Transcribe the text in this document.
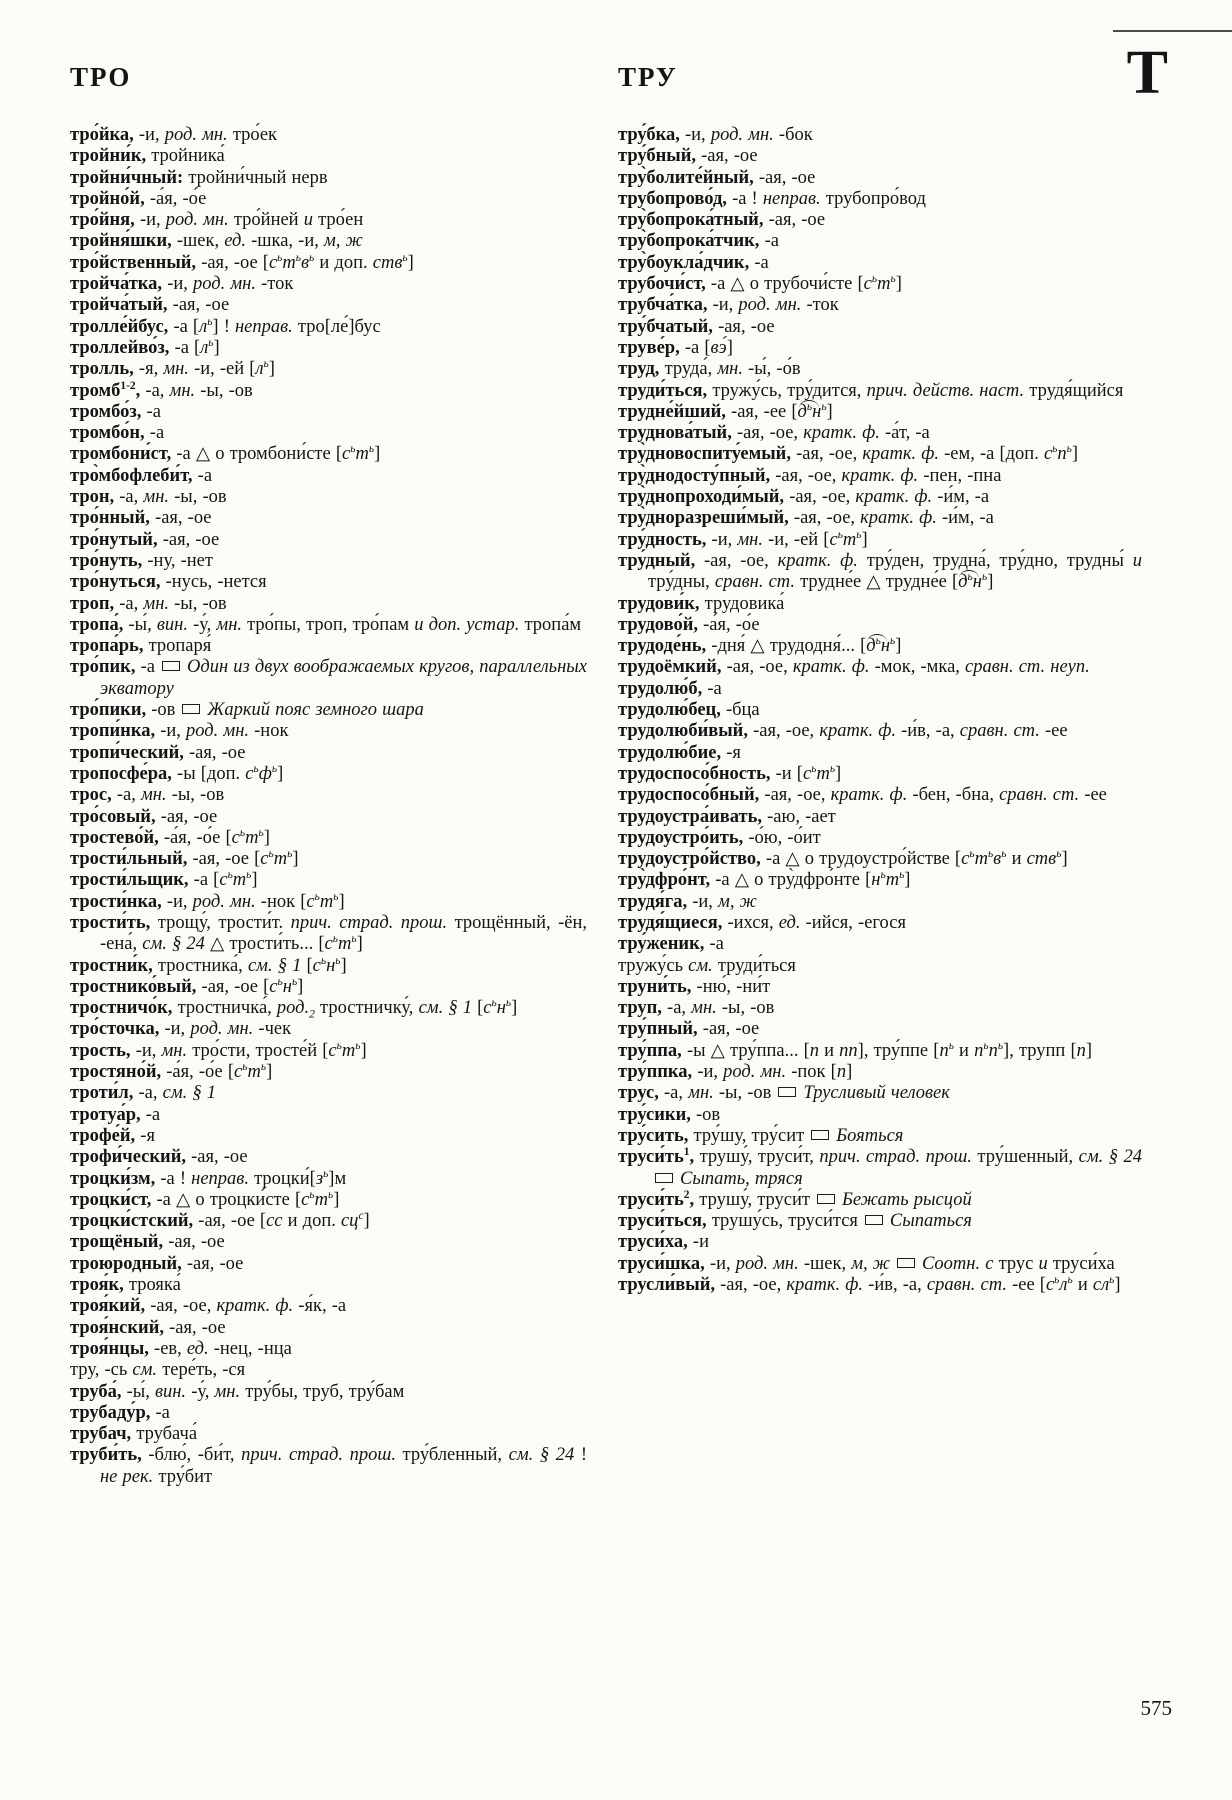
Т
ТРО
тро́йка, -и, род. мн. тро́ек
тройни́к, тройника́
тройни́чный: тройни́чный нерв
тройно́й, -а́я, -о́е
тро́йня, -и, род. мн. тро́йней и тро́ен
тройня́шки, -шек, ед. -шка, -и, м, ж
тро́йственный, -ая, -ое [$с^ьт^ьв^ь$ и доп. ств$^ь$]
тройча́тка, -и, род. мн. -ток
тройча́тый, -ая, -ое
тролле́йбус, -а $[л^ь]$ ! неправ. тро[ле́]бус
троллейво́з, -а $[л^ь]$
тролль, -я, мн. -и, -ей $[л^ь]$
тромб$^{1-2}$, -а, мн. -ы, -ов
тромбо́з, -а
тромбо́н, -а
тромбони́ст, -а △ о тромбони́сте $[с^ьт^ь]$
тро̀мбофлеби́т, -а
трон, -а, мн. -ы, -ов
тро́нный, -ая, -ое
тро́нутый, -ая, -ое
тро́нуть, -ну, -нет
тро́нуться, -нусь, -нется
троп, -а, мн. -ы, -ов
тропа́, -ы́, вин. -у́, мн. тро́пы, троп, тро́пам и доп. устар. тропа́м
тропа́рь, тропаря́
тро́пик, -а Один из двух воображаемых кругов, параллельных экватору
тро́пики, -ов Жаркий пояс земного шара
тропи́нка, -и, род. мн. -нок
тропи́ческий, -ая, -ое
тропосфе́ра, -ы [доп. $с^ьф^ь$]
трос, -а, мн. -ы, -ов
тро́совый, -ая, -ое
тростево́й, -а́я, -о́е $[с^ьт^ь]$
трости́льный, -ая, -ое $[с^ьт^ь]$
трости́льщик, -а $[с^ьт^ь]$
трости́нка, -и, род. мн. -нок $[с^ьт^ь]$
трости́ть, трощу́, трости́т. прич. страд. прош. трощённый, -ён, -ена́, см. § 24 △ трости́ть... $[с^ьт^ь]$
тростни́к, тростника́, см. § 1 $[с^ьн^ь]$
тростнико́вый, -ая, -ое $[с^ьн^ь]$
тростничо́к, тростничка́, $род._2$ тростничку́, см. § 1 $[с^ьн^ь]$
тро́сточка, -и, род. мн. -чек
трость, -и, мн. тро́сти, тросте́й $[с^ьт^ь]$
тростяно́й, -а́я, -о́е $[с^ьт^ь]$
троти́л, -а, см. § 1
тротуа́р, -а
трофе́й, -я
трофи́ческий, -ая, -ое
троцки́зм, -а ! неправ. $троцки́[з^ь]м$
троцки́ст, -а △ о троцки́сте $[с^ьт^ь]$
троцки́стский, -ая, -ое [сс и доп. $сц^с$]
трощёный, -ая, -ое
троюродный, -ая, -ое
троя́к, трояка́
троя́кий, -ая, -ое, кратк. ф. -я́к, -а
троя́нский, -ая, -ое
троя́нцы, -ев, ед. -нец, -нца
тру, -сь см. тере́ть, -ся
труба́, -ы́, вин. -у́, мн. тру́бы, труб, тру́бам
трубаду́р, -а
трубач, трубача́
труби́ть, -блю́, -би́т, прич. страд. прош. тру́бленный, см. § 24 ! не рек. тру́бит
ТРУ
тру́бка, -и, род. мн. -бок
тру́бный, -ая, -ое
тру̀болите́йный, -ая, -ое
трубопрово́д, -а ! неправ. трубопро́вод
тру̀бопрока́тный, -ая, -ое
тру̀бопрока́тчик, -а
тру̀боукла́дчик, -а
трубочи́ст, -а △ о трубочи́сте $[с^ьт^ь]$
трубча́тка, -и, род. мн. -ток
тру́бчатый, -ая, -ое
труве́р, -а [вэ́]
труд, труда́, мн. -ы́, -о́в
труди́ться, тружу́сь, тру́дится, прич. действ. наст. трудя́щийся
трудне́йший, -ая, -ее $[д^ьн^ь]$
труднова́тый, -ая, -ое, кратк. ф. -а́т, -а
тру̀дновоспиту́емый, -ая, -ое, кратк. ф. -ем, -а [доп. $с^ьп^ь$]
тру̀днодосту́пный, -ая, -ое, кратк. ф. -пен, -пна
тру̀днопроходи́мый, -ая, -ое, кратк. ф. -и́м, -а
тру̀дноразреши́мый, -ая, -ое, кратк. ф. -и́м, -а
тру́дность, -и, мн. -и, -ей $[с^ьт^ь]$
тру́дный, -ая, -ое, кратк. ф. тру́ден, трудна́, тру́дно, трудны́ и тру́дны, сравн. ст. трудне́е △ трудне́е $[д^ьн^ь]$
трудови́к, трудовика́
трудово́й, -а́я, -о́е
трудоде́нь, -дня́ △ трудодня́... $[д^ьн^ь]$
трудоёмкий, -ая, -ое, кратк. ф. -мок, -мка, сравн. ст. неуп.
трудолю́б, -а
трудолю́бец, -бца
трудолюби́вый, -ая, -ое, кратк. ф. -и́в, -а, сравн. ст. -ее
трудолю́бие, -я
трудоспосо́бность, -и $[с^ьт^ь]$
трудоспосо́бный, -ая, -ое, кратк. ф. -бен, -бна, сравн. ст. -ее
трудоустра́ивать, -аю, -ает
трудоустро́ить, -о́ю, -о́ит
трудоустро́йство, -а △ о трудоустро́йстве [$с^ьт^ьв^ь$ и ств$^ь$]
тру̀дфро́нт, -а △ о тру̀дфро́нте $[н^ьт^ь]$
трудя́га, -и, м, ж
трудя́щиеся, -ихся, ед. -ийся, -егося
тру́женик, -а
тружу́сь см. труди́ться
труни́ть, -ню́, -ни́т
труп, -а, мн. -ы, -ов
тру́пный, -ая, -ое
тру́ппа, -ы △ тру́ппа... [п и пп], тру́ппе [$п^ь$ и $п^ьп^ь$], трупп [п]
тру́ппка, -и, род. мн. -пок [п]
трус, -а, мн. -ы, -ов Трусливый человек
тру́сики, -ов
тру́сить, тру́шу, тру́сит Бояться
$труси́ть^1$, трушу́, труси́т, прич. страд. прош. тру́шенный, см. § 24Сыпать, тряся
$труси́ть^2$, трушу́, труси́т Бежать рысцой
труси́ться, трушу́сь, труси́тся Сыпаться
труси́ха, -и
труси́шка, -и, род. мн. -шек, м, ж Соотн. с трус и труси́ха
трусли́вый, -ая, -ое, кратк. ф. -и́в, -а, сравн. ст. -ее [$с^ьл^ь$ и $сл^ь$]
575
